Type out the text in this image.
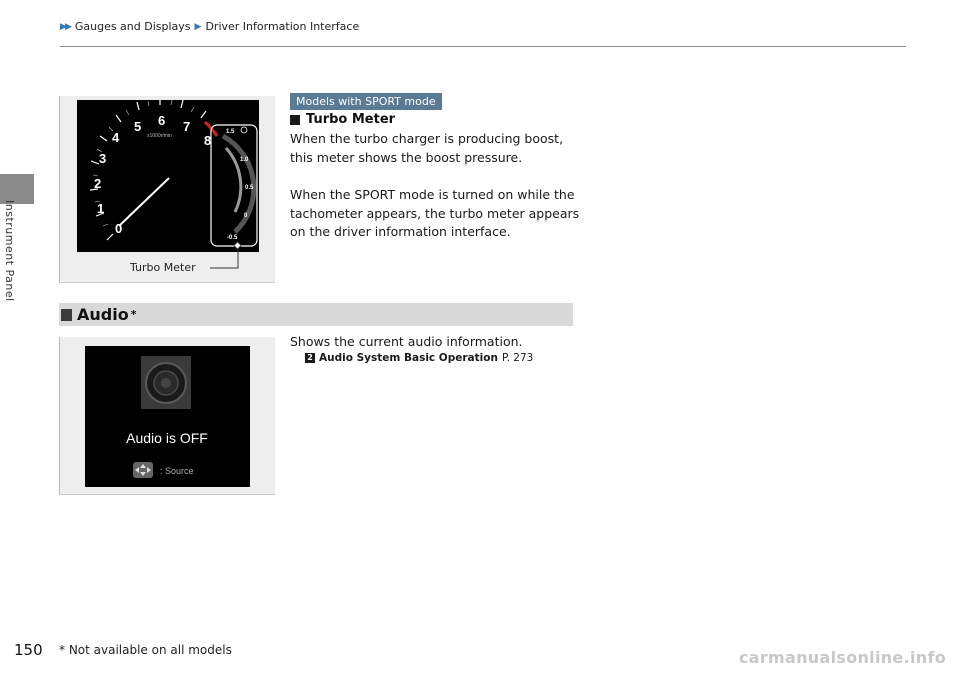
▶▶ Gauges and Displays ▶ Driver Information Interface
Instrument Panel	0
1
2
3
4
5 6 7
8
x1000r/min
1.5
1.0
0.5
0
-0.5
Turbo Meter
Models with SPORT mode
Turbo Meter

When the turbo charger is producing boost, this meter shows the boost pressure.

When the SPORT mode is turned on while the tachometer appears, the turbo meter appears on the driver information interface.

Audio *

Shows the current audio information.

2 Audio System Basic Operation P. 273
Audio is OFF
: Source
150 * Not available on all models	carmanualsonline.info
